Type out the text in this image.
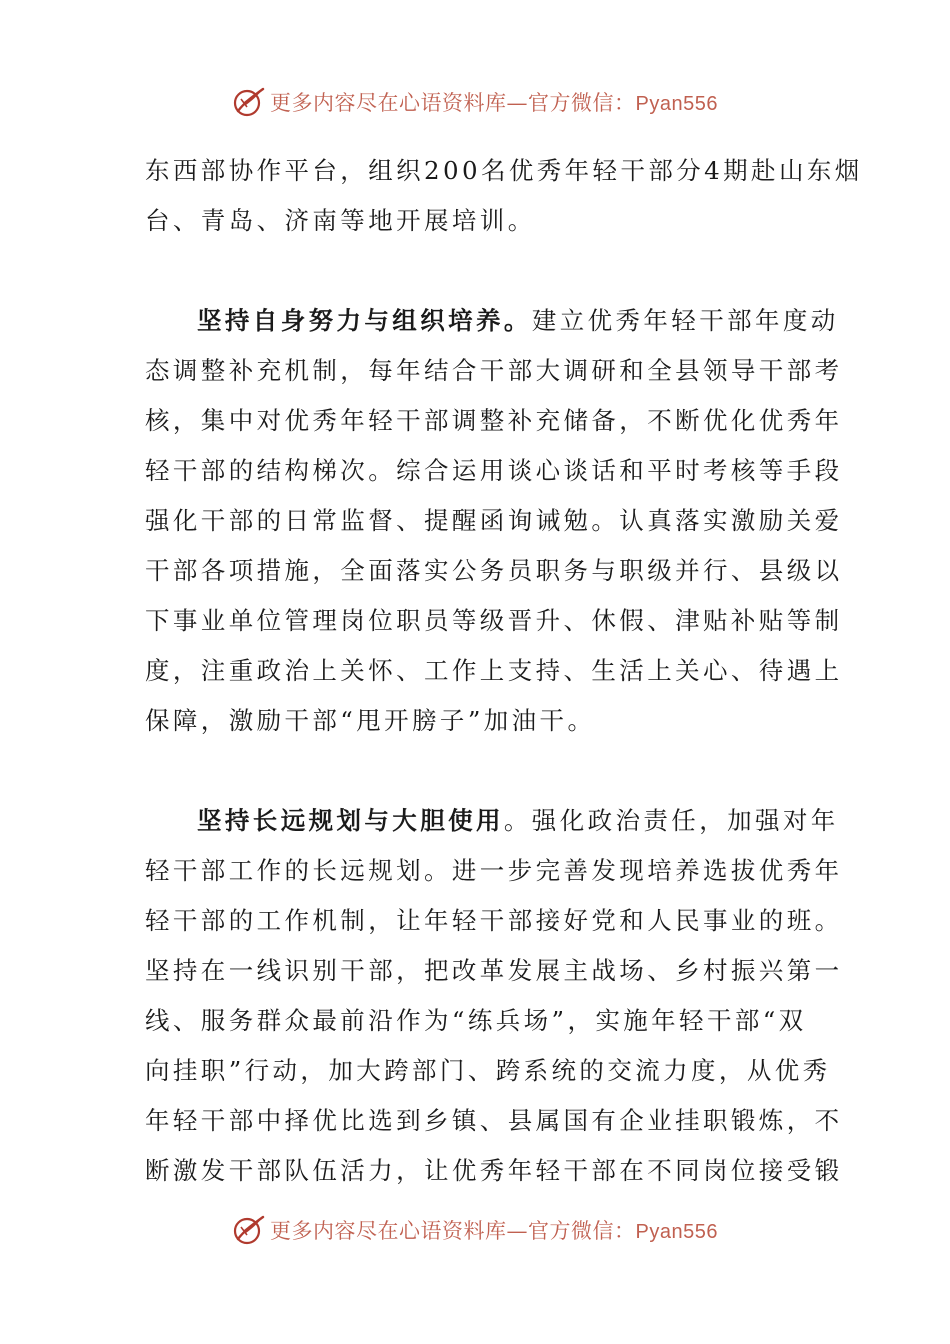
更多内容尽在心语资料库—官方微信：Pyan556
东西部协作平台，组织200名优秀年轻干部分4期赴山东烟
台、青岛、济南等地开展培训。
坚持自身努力与组织培养。建立优秀年轻干部年度动
态调整补充机制，每年结合干部大调研和全县领导干部考
核，集中对优秀年轻干部调整补充储备，不断优化优秀年
轻干部的结构梯次。综合运用谈心谈话和平时考核等手段
强化干部的日常监督、提醒函询诫勉。认真落实激励关爱
干部各项措施，全面落实公务员职务与职级并行、县级以
下事业单位管理岗位职员等级晋升、休假、津贴补贴等制
度，注重政治上关怀、工作上支持、生活上关心、待遇上
保障，激励干部“甩开膀子”加油干。
坚持长远规划与大胆使用。强化政治责任，加强对年
轻干部工作的长远规划。进一步完善发现培养选拔优秀年
轻干部的工作机制，让年轻干部接好党和人民事业的班。
坚持在一线识别干部，把改革发展主战场、乡村振兴第一
线、服务群众最前沿作为“练兵场”，实施年轻干部“双
向挂职”行动，加大跨部门、跨系统的交流力度，从优秀
年轻干部中择优比选到乡镇、县属国有企业挂职锻炼，不
断激发干部队伍活力，让优秀年轻干部在不同岗位接受锻
更多内容尽在心语资料库—官方微信：Pyan556
